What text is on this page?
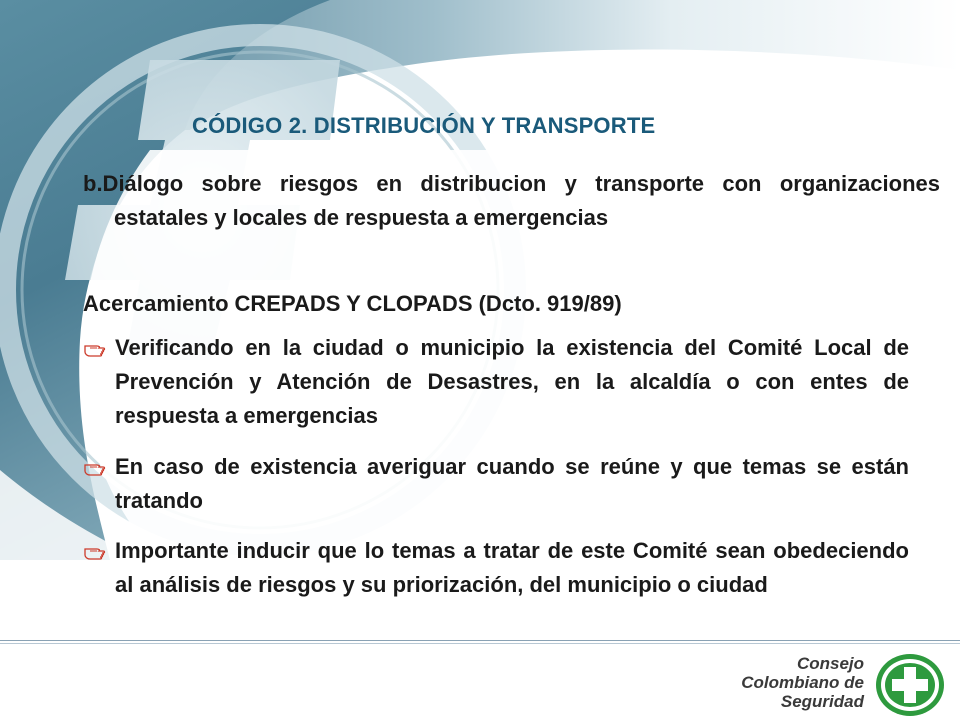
CÓDIGO 2. DISTRIBUCIÓN Y TRANSPORTE

b.Diálogo sobre riesgos en distribucion y transporte con organizaciones estatales y locales de respuesta a emergencias

Acercamiento CREPADS Y CLOPADS (Dcto. 919/89)

Verificando en la ciudad o municipio la existencia del Comité Local de Prevención y Atención de Desastres, en la alcaldía o con entes de respuesta a emergencias

En caso de existencia averiguar cuando se reúne y que temas se están tratando

Importante inducir que lo temas a tratar de este Comité sean obedeciendo al análisis de riesgos y su priorización, del municipio o ciudad

Consejo
Colombiano de
Seguridad
